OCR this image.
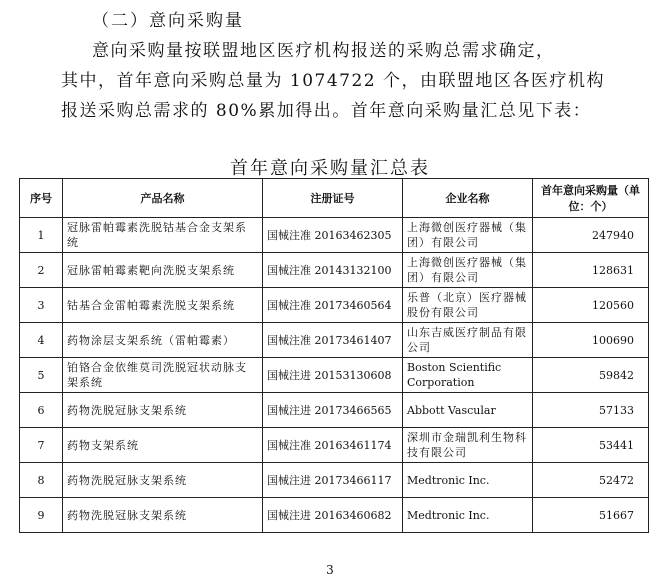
（二）意向采购量
意向采购量按联盟地区医疗机构报送的采购总需求确定，
其中，首年意向采购总量为 1074722 个，由联盟地区各医疗机构
报送采购总需求的 80%累加得出。首年意向采购量汇总见下表：
首年意向采购量汇总表
序号	产品名称	注册证号	企业名称	首年意向采购量（单位：个）
1	冠脉雷帕霉素洗脱钴基合金支架系统	国械注准 20163462305	上海微创医疗器械（集团）有限公司	247940
2	冠脉雷帕霉素靶向洗脱支架系统	国械注准 20143132100	上海微创医疗器械（集团）有限公司	128631
3	钴基合金雷帕霉素洗脱支架系统	国械注准 20173460564	乐普（北京）医疗器械股份有限公司	120560
4	药物涂层支架系统（雷帕霉素）	国械注准 20173461407	山东吉威医疗制品有限公司	100690
5	铂铬合金依维莫司洗脱冠状动脉支架系统	国械注进 20153130608	Boston Scientific Corporation	59842
6	药物洗脱冠脉支架系统	国械注进 20173466565	Abbott Vascular	57133
7	药物支架系统	国械注准 20163461174	深圳市金瑞凯利生物科技有限公司	53441
8	药物洗脱冠脉支架系统	国械注进 20173466117	Medtronic Inc.	52472
9	药物洗脱冠脉支架系统	国械注进 20163460682	Medtronic Inc.	51667
3
